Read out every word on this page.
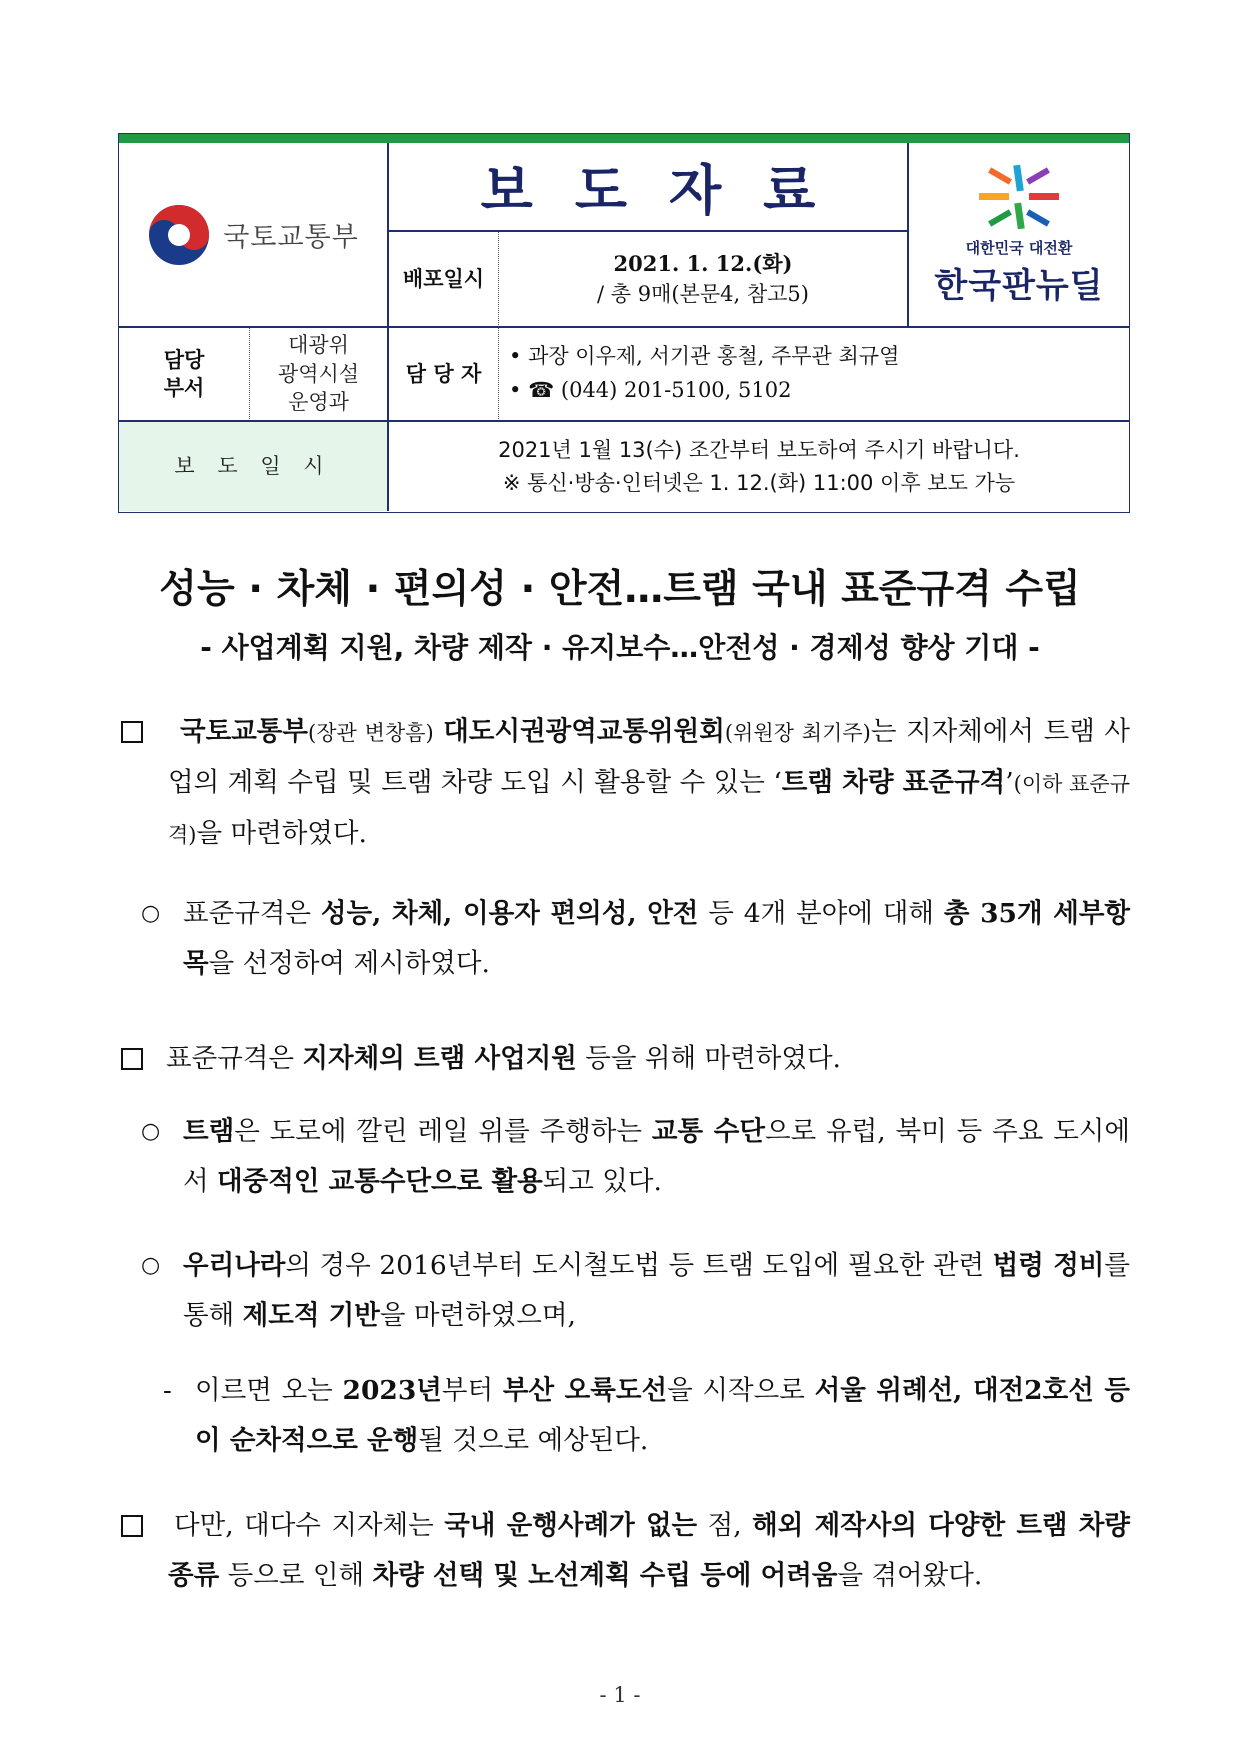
국토교통부
보도자료
배포일시
2021. 1. 12.(화)
/ 총 9매(본문4, 참고5)
대한민국 대전환
한국판뉴딜
담당
부서
대광위
광역시설
운영과
담 당 자
• 과장 이우제, 서기관 홍철, 주무관 최규열
• ☎ (044) 201-5100, 5102
보 도 일 시
2021년 1월 13(수) 조간부터 보도하여 주시기 바랍니다.
※ 통신·방송·인터넷은 1. 12.(화) 11:00 이후 보도 가능
성능 · 차체 · 편의성 · 안전…트램 국내 표준규격 수립
- 사업계획 지원, 차량 제작 · 유지보수…안전성 · 경제성 향상 기대 -
국토교통부(장관 변창흠) 대도시권광역교통위원회(위원장 최기주)는 지자체에서 트램 사업의 계획 수립 및 트램 차량 도입 시 활용할 수 있는 ‘트램 차량 표준규격’(이하 표준규격)을 마련하였다.
○ 표준규격은 성능, 차체, 이용자 편의성, 안전 등 4개 분야에 대해 총 35개 세부항목을 선정하여 제시하였다.
표준규격은 지자체의 트램 사업지원 등을 위해 마련하였다.
○ 트램은 도로에 깔린 레일 위를 주행하는 교통 수단으로 유럽, 북미 등 주요 도시에서 대중적인 교통수단으로 활용되고 있다.
○ 우리나라의 경우 2016년부터 도시철도법 등 트램 도입에 필요한 관련 법령 정비를 통해 제도적 기반을 마련하였으며,
- 이르면 오는 2023년부터 부산 오륙도선을 시작으로 서울 위례선, 대전2호선 등이 순차적으로 운행될 것으로 예상된다.
다만, 대다수 지자체는 국내 운행사례가 없는 점, 해외 제작사의 다양한 트램 차량 종류 등으로 인해 차량 선택 및 노선계획 수립 등에 어려움을 겪어왔다.
- 1 -
